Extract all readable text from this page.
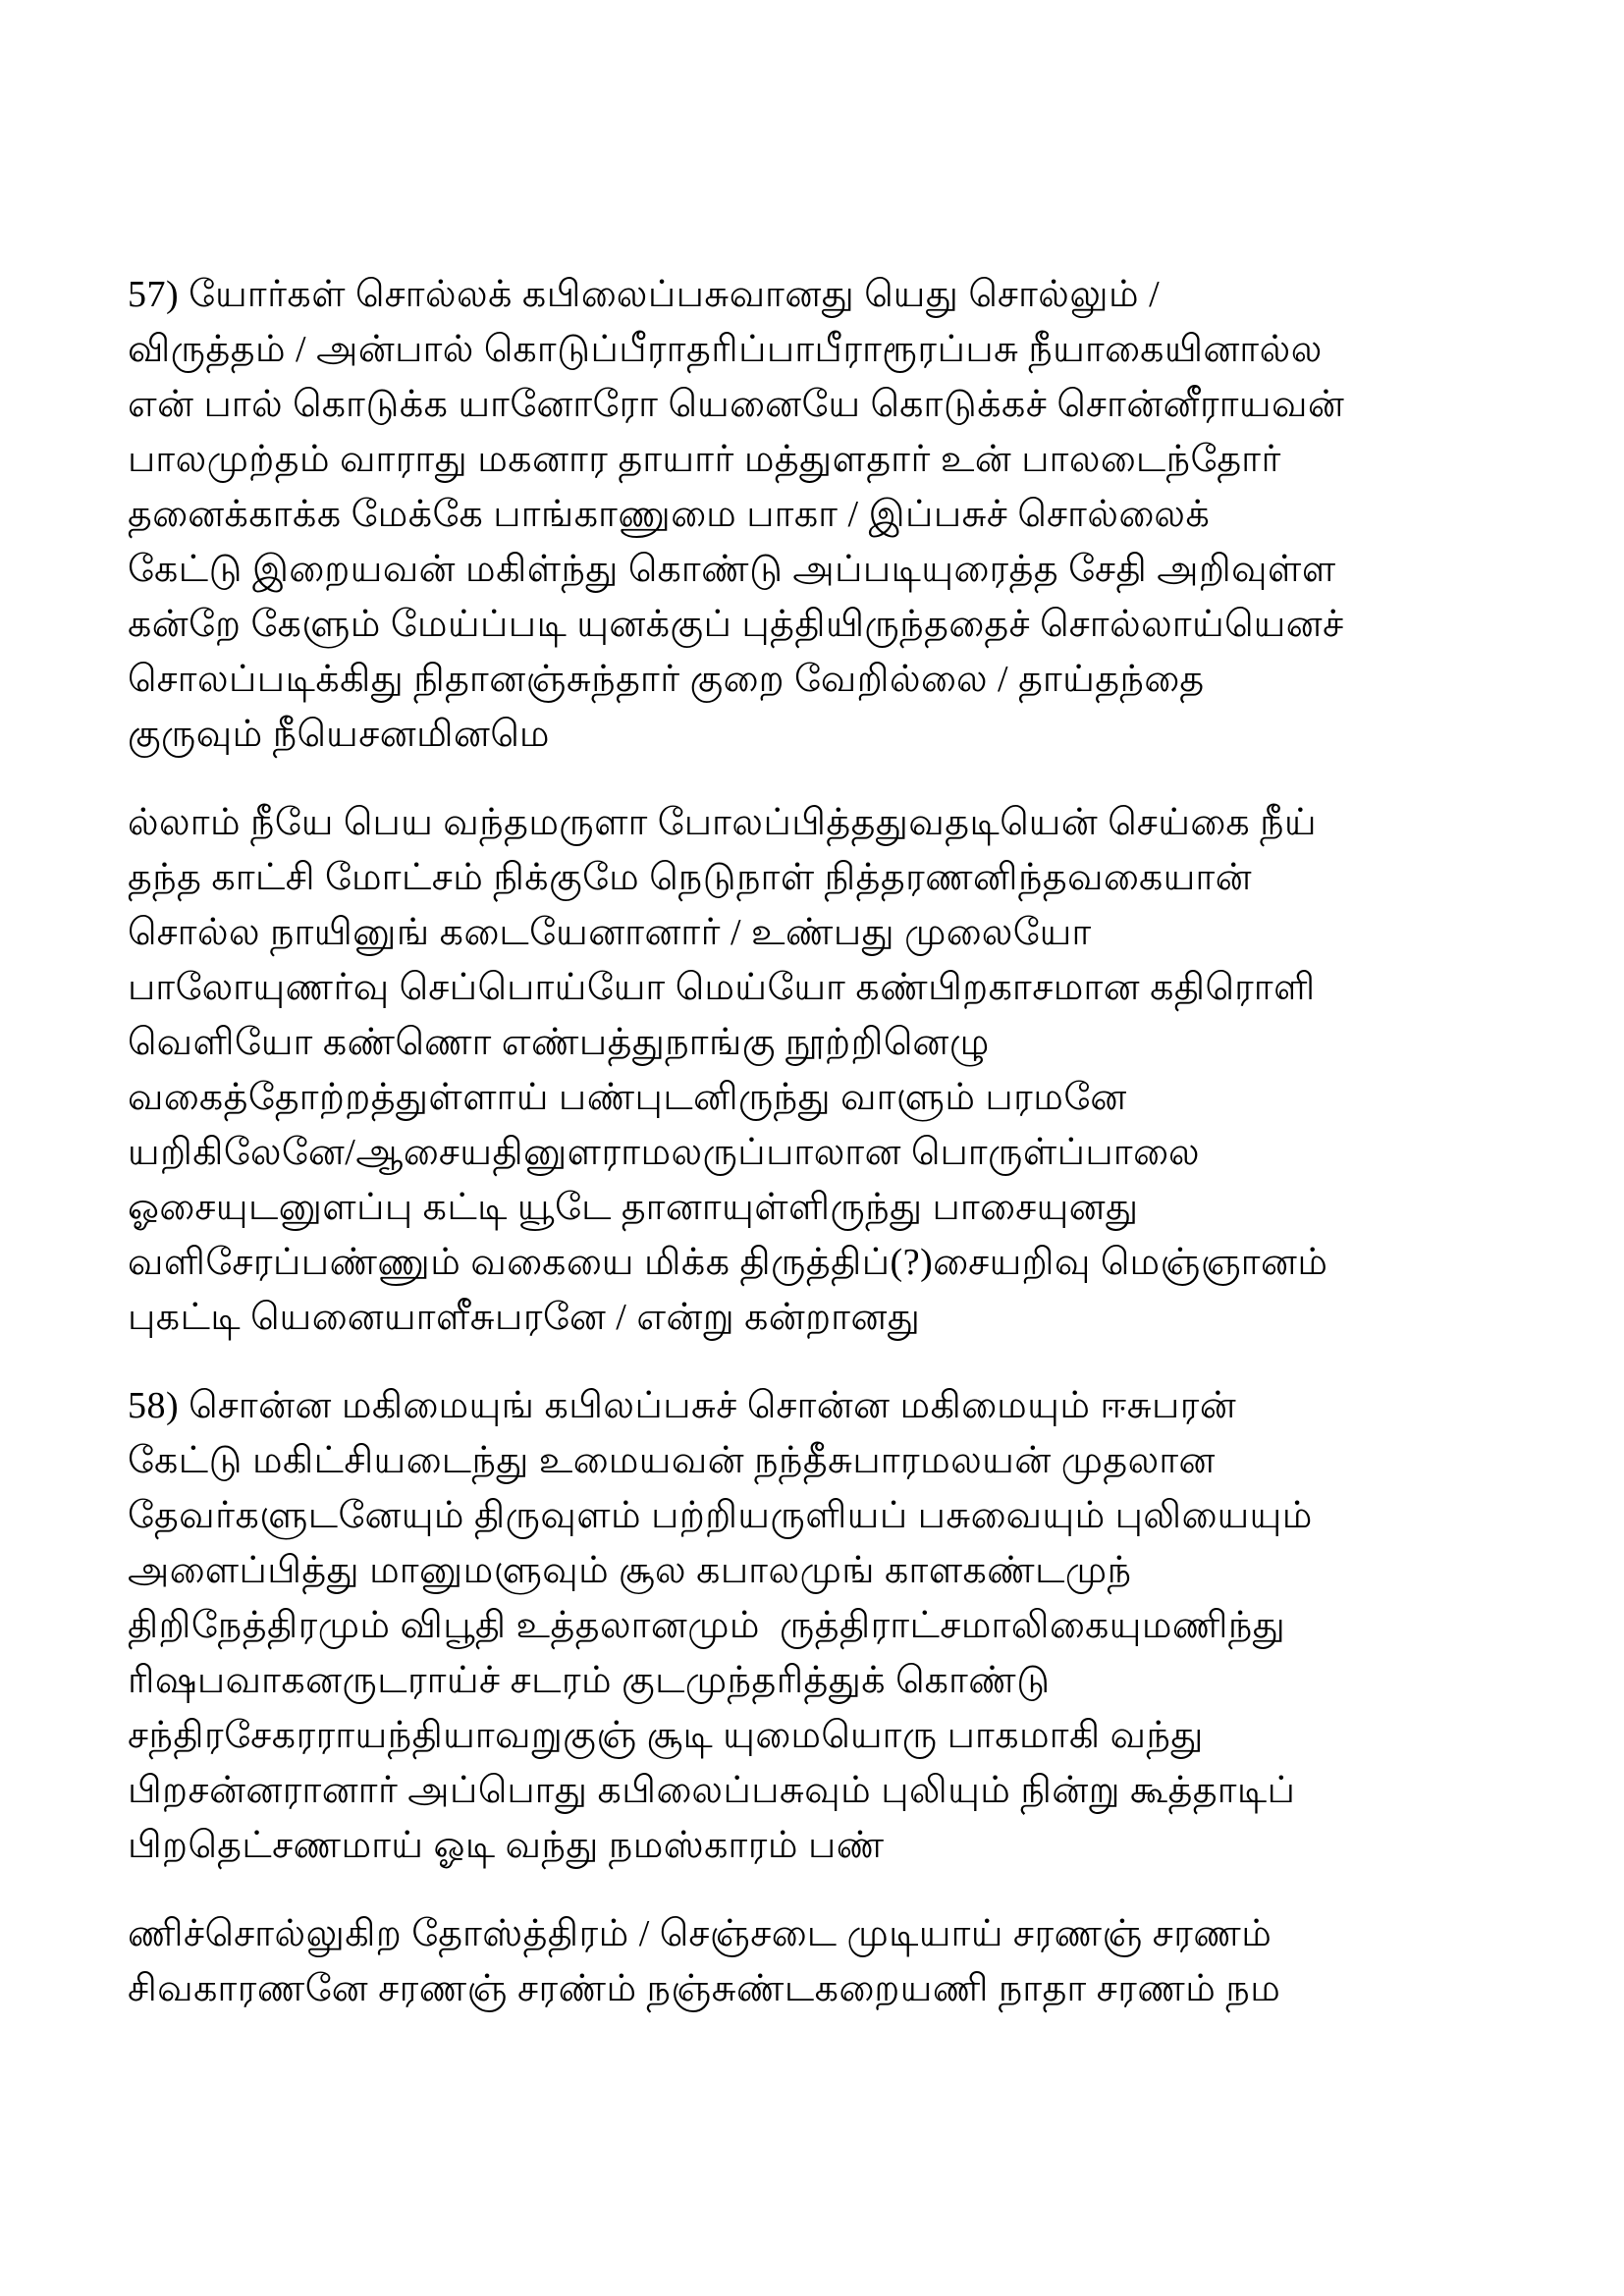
57) யோர்கள் சொல்லக் கபிலைப்பசுவானது யெது சொல்லும் /
விருத்தம் / அன்பால் கொடுப்பீராதரிப்பாபீராரூரப்பசு நீயாகையினால்ல
என் பால் கொடுக்க யானோரோ யெனையே கொடுக்கச் சொன்னீராயவன்
பாலமுற்தம் வாராது மகனார தாயார் மத்துளதார் உன் பாலடைந்தோர்
தனைக்காக்க மேக்கே பாங்காணுமை பாகா / இப்பசுச் சொல்லைக்
கேட்டு இறையவன் மகிள்ந்து கொண்டு அப்படியுரைத்த சேதி அறிவுள்ள
கன்றே கேளும் மேய்ப்படி யுனக்குப் புத்தியிருந்ததைச் சொல்லாய்யெனச்
சொலப்படிக்கிது நிதானஞ்சுந்தார் குறை வேறில்லை / தாய்தந்தை
குருவும் நீயெசனமினமெ
ல்லாம் நீயே பெய வந்தமருளா போலப்பித்ததுவதடியென் செய்கை நீய்
தந்த காட்சி மோட்சம் நிக்குமே நெடுநாள் நித்தரணனிந்தவகையான்
சொல்ல நாயினுங் கடையேனானார் / உண்பது முலையோ
பாலோயுணர்வு செப்பொய்யோ மெய்யோ கண்பிறகாசமான கதிரொளி
வெளியோ கண்ணொ எண்பத்துநாங்கு நூற்றினெழு
வகைத்தோற்றத்துள்ளாய் பண்புடனிருந்து வாளும் பரமனே
யறிகிலேனே/ஆசையதினுளராமலருப்பாலான பொருள்ப்பாலை
ஓசையுடனுளப்பு கட்டி யூடே தானாயுள்ளிருந்து பாசையுனது
வளிசேரப்பண்ணும் வகையை மிக்க திருத்திப்(?)சையறிவு மெஞ்ஞானம்
புகட்டி யெனையாளீசுபரனே / என்று கன்றானது
58) சொன்ன மகிமையுங் கபிலப்பசுச் சொன்ன மகிமையும் ஈசுபரன்
கேட்டு மகிட்சியடைந்து உமையவன் நந்தீசுபாரமலயன் முதலான
தேவர்களுடனேயும் திருவுளம் பற்றியருளியப் பசுவையும் புலியையும்
அளைப்பித்து மானுமளுவும் சூல கபாலமுங் காளகண்டமுந்
திறிநேத்திரமும் விபூதி உத்தலானமும்  ருத்திராட்சமாலிகையுமணிந்து
ரிஷபவாகனருடராய்ச் சடரம் குடமுந்தரித்துக் கொண்டு
சந்திரசேகரராயந்தியாவறுகுஞ் சூடி யுமையொரு பாகமாகி வந்து
பிறசன்னரானார் அப்பொது கபிலைப்பசுவும் புலியும் நின்று கூத்தாடிப்
பிறதெட்சணமாய் ஓடி வந்து நமஸ்காரம் பண்
ணிச்சொல்லுகிற தோஸ்த்திரம் / செஞ்சடை முடியாய் சரணஞ் சரணம்
சிவகாரணனே சரணஞ் சரண்ம் நஞ்சுண்டகறையணி நாதா சரணம் நம
